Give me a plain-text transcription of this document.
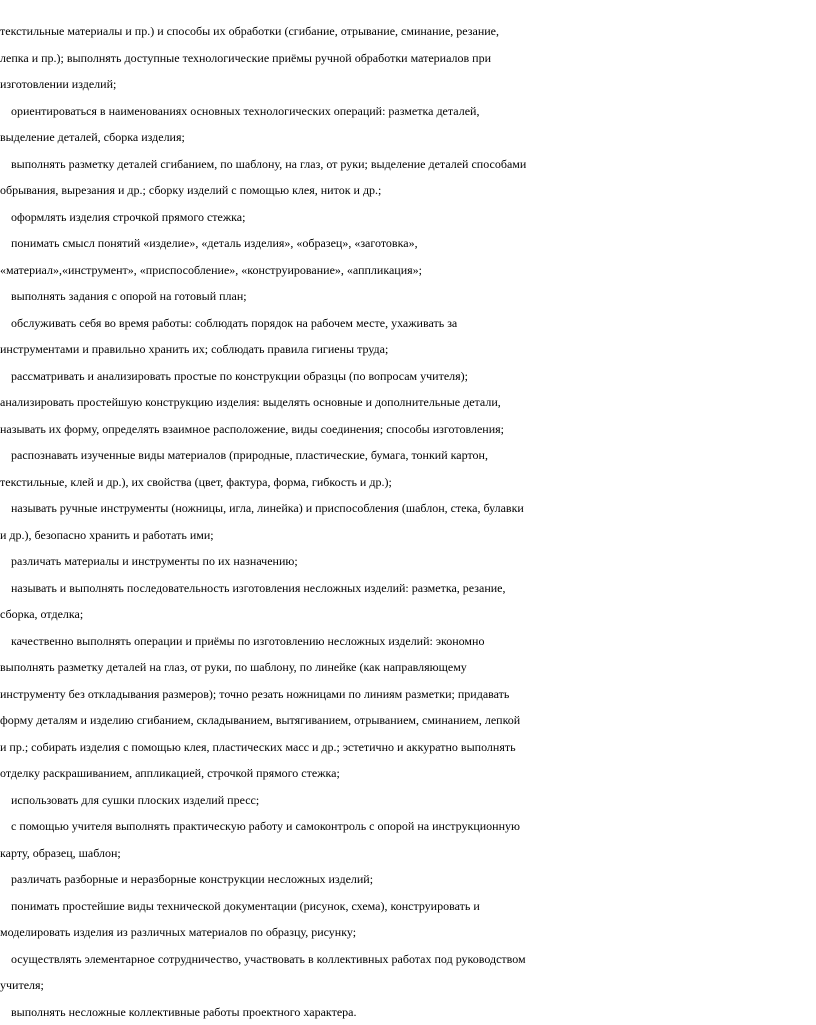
текстильные материалы и пр.) и способы их обработки (сгибание, отрывание, сминание, резание,
лепка и пр.); выполнять доступные технологические приёмы ручной обработки материалов при
изготовлении изделий;
ориентироваться в наименованиях основных технологических операций: разметка деталей,
выделение деталей, сборка изделия;
выполнять разметку деталей сгибанием, по шаблону, на глаз, от руки; выделение деталей способами
обрывания, вырезания и др.; сборку изделий с помощью клея, ниток и др.;
оформлять изделия строчкой прямого стежка;
понимать смысл понятий «изделие», «деталь изделия», «образец», «заготовка»,
«материал»,«инструмент», «приспособление», «конструирование», «аппликация»;
выполнять задания с опорой на готовый план;
обслуживать себя во время работы: соблюдать порядок на рабочем месте, ухаживать за
инструментами и правильно хранить их; соблюдать правила гигиены труда;
рассматривать и анализировать простые по конструкции образцы (по вопросам учителя);
анализировать простейшую конструкцию изделия: выделять основные и дополнительные детали,
называть их форму, определять взаимное расположение, виды соединения; способы изготовления;
распознавать изученные виды материалов (природные, пластические, бумага, тонкий картон,
текстильные, клей и др.), их свойства (цвет, фактура, форма, гибкость и др.);
называть ручные инструменты (ножницы, игла, линейка) и приспособления (шаблон, стека, булавки
и др.), безопасно хранить и работать ими;
различать материалы и инструменты по их назначению;
называть и выполнять последовательность изготовления несложных изделий: разметка, резание,
сборка, отделка;
качественно выполнять операции и приёмы по изготовлению несложных изделий: экономно
выполнять разметку деталей на глаз, от руки, по шаблону, по линейке (как направляющему
инструменту без откладывания размеров); точно резать ножницами по линиям разметки; придавать
форму деталям и изделию сгибанием, складыванием, вытягиванием, отрыванием, сминанием, лепкой
и пр.; собирать изделия с помощью клея, пластических масс и др.; эстетично и аккуратно выполнять
отделку раскрашиванием, аппликацией, строчкой прямого стежка;
использовать для сушки плоских изделий пресс;
с помощью учителя выполнять практическую работу и самоконтроль с опорой на инструкционную
карту, образец, шаблон;
различать разборные и неразборные конструкции несложных изделий;
понимать простейшие виды технической документации (рисунок, схема), конструировать и
моделировать изделия из различных материалов по образцу, рисунку;
осуществлять элементарное сотрудничество, участвовать в коллективных работах под руководством
учителя;
выполнять несложные коллективные работы проектного характера.
